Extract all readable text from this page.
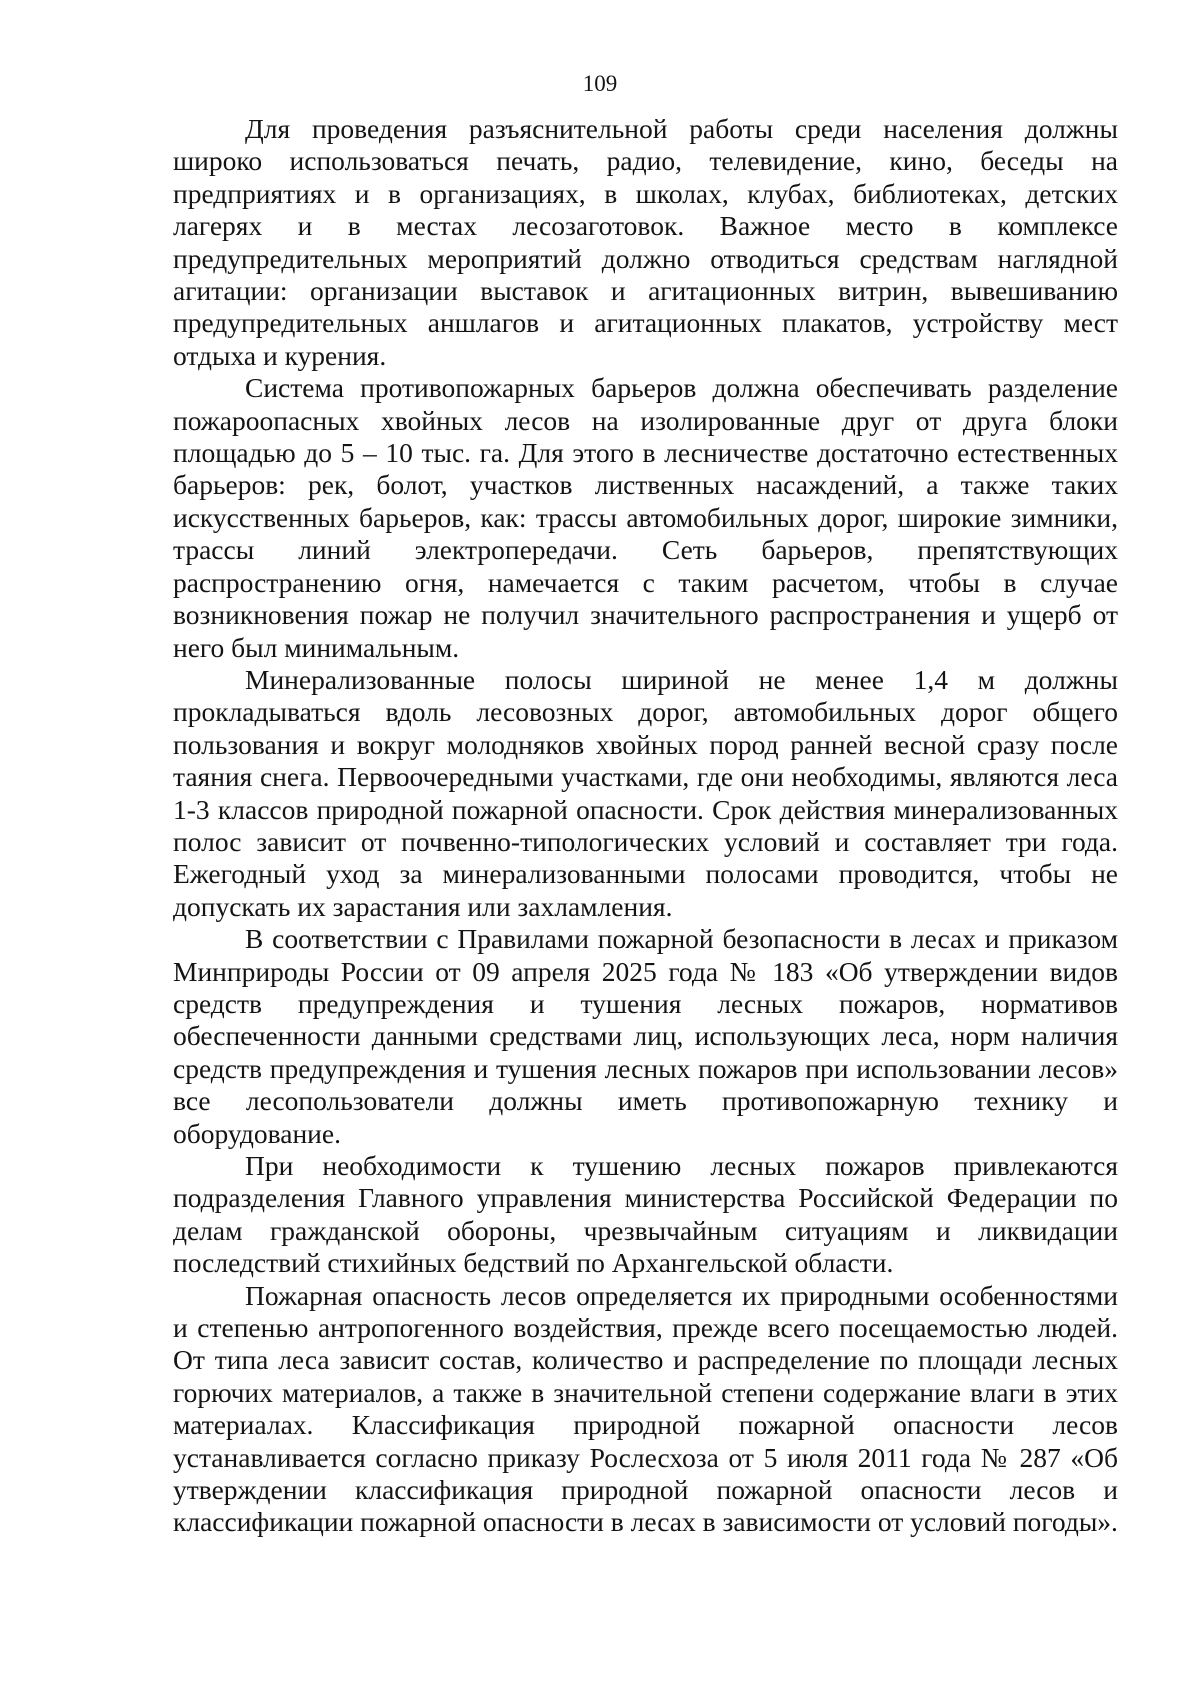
109

Для проведения разъяснительной работы среди населения должны широко использоваться печать, радио, телевидение, кино, беседы на предприятиях и в организациях, в школах, клубах, библиотеках, детских лагерях и в местах лесозаготовок. Важное место в комплексе предупредительных мероприятий должно отводиться средствам наглядной агитации: организации выставок и агитационных витрин, вывешиванию предупредительных аншлагов и агитационных плакатов, устройству мест отдыха и курения.

Система противопожарных барьеров должна обеспечивать разделение пожароопасных хвойных лесов на изолированные друг от друга блоки площадью до 5 – 10 тыс. га. Для этого в лесничестве достаточно естественных барьеров: рек, болот, участков лиственных насаждений, а также таких искусственных барьеров, как: трассы автомобильных дорог, широкие зимники, трассы линий электропередачи. Сеть барьеров, препятствующих распространению огня, намечается с таким расчетом, чтобы в случае возникновения пожар не получил значительного распространения и ущерб от него был минимальным.

Минерализованные полосы шириной не менее 1,4 м должны прокладываться вдоль лесовозных дорог, автомобильных дорог общего пользования и вокруг молодняков хвойных пород ранней весной сразу после таяния снега. Первоочередными участками, где они необходимы, являются леса 1-3 классов природной пожарной опасности. Срок действия минерализованных полос зависит от почвенно-типологических условий и составляет три года. Ежегодный уход за минерализованными полосами проводится, чтобы не допускать их зарастания или захламления.

В соответствии с Правилами пожарной безопасности в лесах и приказом Минприроды России от 09 апреля 2025 года № 183 «Об утверждении видов средств предупреждения и тушения лесных пожаров, нормативов обеспеченности данными средствами лиц, использующих леса, норм наличия средств предупреждения и тушения лесных пожаров при использовании лесов» все лесопользователи должны иметь противопожарную технику и оборудование.

При необходимости к тушению лесных пожаров привлекаются подразделения Главного управления министерства Российской Федерации по делам гражданской обороны, чрезвычайным ситуациям и ликвидации последствий стихийных бедствий по Архангельской области.

Пожарная опасность лесов определяется их природными особенностями и степенью антропогенного воздействия, прежде всего посещаемостью людей. От типа леса зависит состав, количество и распределение по площади лесных горючих материалов, а также в значительной степени содержание влаги в этих материалах. Классификация природной пожарной опасности лесов устанавливается согласно приказу Рослесхоза от 5 июля 2011 года № 287 «Об утверждении классификация природной пожарной опасности лесов и классификации пожарной опасности в лесах в зависимости от условий погоды».
